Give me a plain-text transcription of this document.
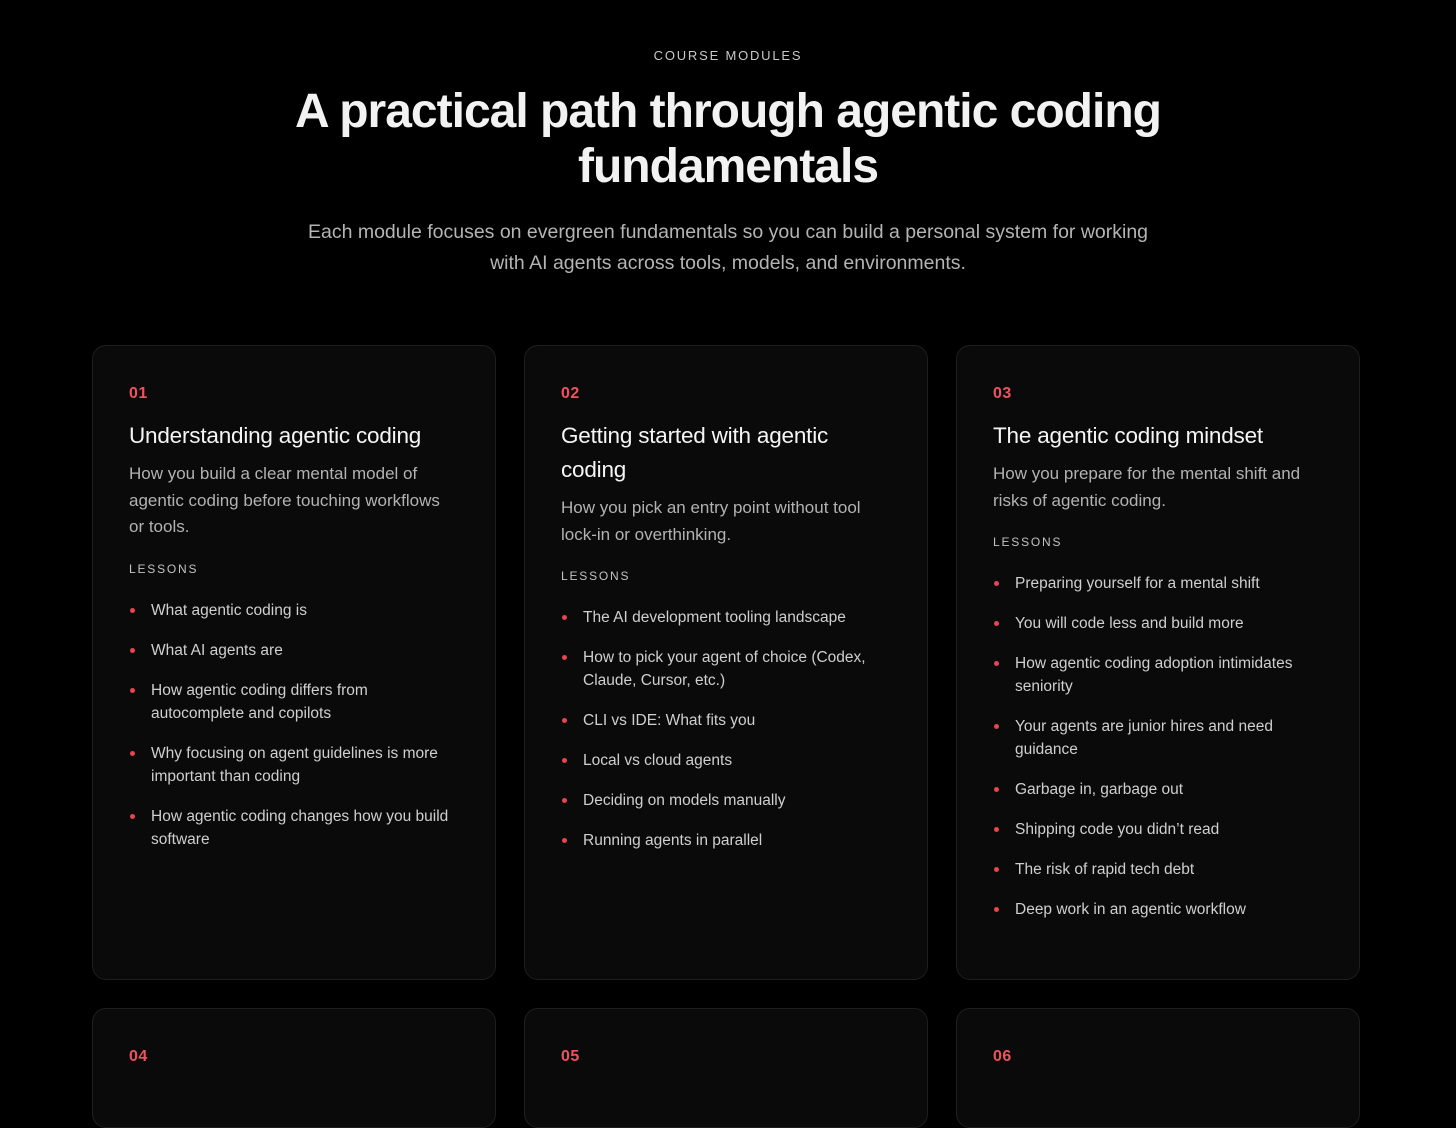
COURSE MODULES
A practical path through agentic coding fundamentals

Each module focuses on evergreen fundamentals so you can build a personal system for working with AI agents across tools, models, and environments.

01
Understanding agentic coding

How you build a clear mental model of agentic coding before touching workflows or tools.

LESSONS
What agentic coding is
What AI agents are
How agentic coding differs from autocomplete and copilots
Why focusing on agent guidelines is more important than coding
How agentic coding changes how you build software
02
Getting started with agentic coding

How you pick an entry point without tool lock-in or overthinking.

LESSONS
The AI development tooling landscape
How to pick your agent of choice (Codex, Claude, Cursor, etc.)
CLI vs IDE: What fits you
Local vs cloud agents
Deciding on models manually
Running agents in parallel
03
The agentic coding mindset

How you prepare for the mental shift and risks of agentic coding.

LESSONS
Preparing yourself for a mental shift
You will code less and build more
How agentic coding adoption intimidates seniority
Your agents are junior hires and need guidance
Garbage in, garbage out
Shipping code you didn’t read
The risk of rapid tech debt
Deep work in an agentic workflow
04	05	06
